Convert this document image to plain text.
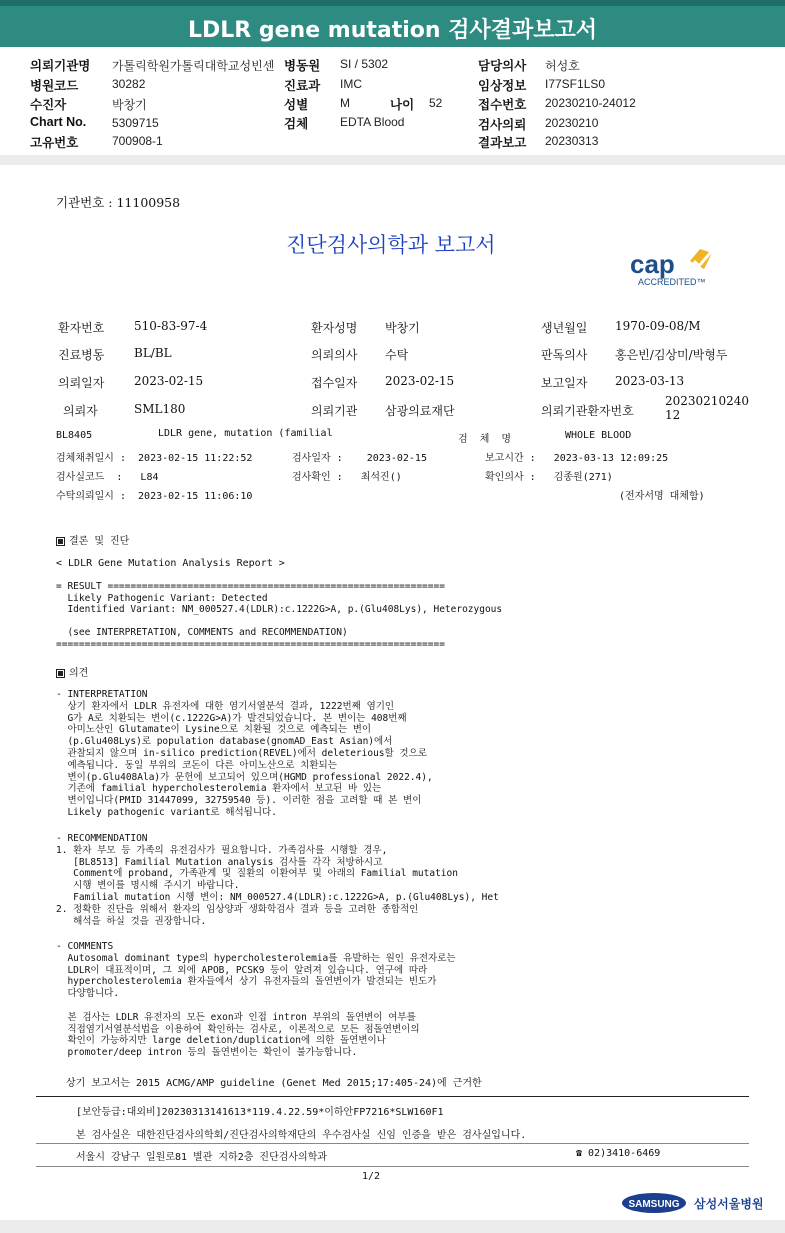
LDLR gene mutation 검사결과보고서
의뢰기관명 가톨릭학원가톨릭대학교성빈센 병동원 SI / 5302	담당의사 허성호
병원코드	30282	진료과 IMC	임상정보 I77SF1LS0
수진자	박창기	성별	M	나이 52	접수번호 20230210-24012
Chart No. 5309715	검체	EDTA Blood	검사의뢰 20230210
고유번호	700908-1	결과보고 20230313
기관번호 : 11100958
진단검사의학과 보고서
cap
ACCREDITED™
환자번호 510-83-97-4	환자성명 박창기	생년월일 1970-09-08/M
진료병동 BL/BL	의뢰의사 수탁	판독의사 홍은빈/김상미/박형두
의뢰일자 2023-02-15	접수일자 2023-02-15	보고일자 2023-03-13
의뢰자	SML180	의뢰기관 삼광의료재단	의뢰기관환자번호
2023021024012
BL8405	LDLR gene, mutation (familial
검  체  명	WHOLE BLOOD
검체채취일시 :  2023-02-15 11:22:52	검사일자 :    2023-02-15	보고시간 :   2023-03-13 12:09:25
검사실코드  :   L84	검사확인 :   최석진()	확인의사 :   김종원(271)
수탁의뢰일시 :  2023-02-15 11:06:10	(전자서명 대체함)
결론 및 진단
< LDLR Gene Mutation Analysis Report >
= RESULT ===========================================================
Likely Pathogenic Variant: Detected
Identified Variant: NM_000527.4(LDLR):c.1222G>A, p.(Glu408Lys), Heterozygous

(see INTERPRETATION, COMMENTS and RECOMMENDATION)
====================================================================
의견
- INTERPRETATION
상기 환자에서 LDLR 유전자에 대한 염기서열분석 결과, 1222번째 염기인
G가 A로 치환되는 변이(c.1222G>A)가 발견되었습니다. 본 변이는 408번째
아미노산인 Glutamate이 Lysine으로 치환될 것으로 예측되는 변이
(p.Glu408Lys)로 population database(gnomAD_East Asian)에서
관찰되지 않으며 in-silico prediction(REVEL)에서 deleterious할 것으로
예측됩니다. 동일 부위의 코돈이 다른 아미노산으로 치환되는
변이(p.Glu408Ala)가 문헌에 보고되어 있으며(HGMD professional 2022.4),
기존에 familial hypercholesterolemia 환자에서 보고된 바 있는
변이입니다(PMID 31447099, 32759540 등). 이러한 점을 고려할 때 본 변이
Likely pathogenic variant로 해석됩니다.
- RECOMMENDATION
1. 환자 부모 등 가족의 유전검사가 필요합니다. 가족검사를 시행할 경우,
[BL8513] Familial Mutation analysis 검사를 각각 처방하시고
Comment에 proband, 가족관계 및 질환의 이환여부 및 아래의 Familial mutation
시행 변이를 명시해 주시기 바랍니다.
Familial mutation 시행 변이: NM_000527.4(LDLR):c.1222G>A, p.(Glu408Lys), Het
2. 정확한 진단을 위해서 환자의 임상양과 생화학검사 결과 등을 고려한 종합적인
해석을 하실 것을 권장합니다.
- COMMENTS
Autosomal dominant type의 hypercholesterolemia를 유발하는 원인 유전자로는
LDLR이 대표적이며, 그 외에 APOB, PCSK9 등이 알려져 있습니다. 연구에 따라
hypercholesterolemia 환자들에서 상기 유전자들의 돌연변이가 발견되는 빈도가
다양합니다.

본 검사는 LDLR 유전자의 모든 exon과 인접 intron 부위의 돌연변이 여부를
직접염기서열분석법을 이용하여 확인하는 검사로, 이론적으로 모든 점돌연변이의
확인이 가능하지만 large deletion/duplication에 의한 돌연변이나
promoter/deep intron 등의 돌연변이는 확인이 불가능합니다.
상기 보고서는 2015 ACMG/AMP guideline (Genet Med 2015;17:405-24)에 근거한
[보안등급:대외비]20230313141613*119.4.22.59*이하안FP7216*SLW160F1
본 검사실은 대한진단검사의학회/진단검사의학재단의 우수검사실 신임 인증을 받은 검사실입니다.
서울시 강남구 일원로81 별관 지하2층 진단검사의학과	☎ 02)3410-6469
1/2
SAMSUNG 삼성서울병원
